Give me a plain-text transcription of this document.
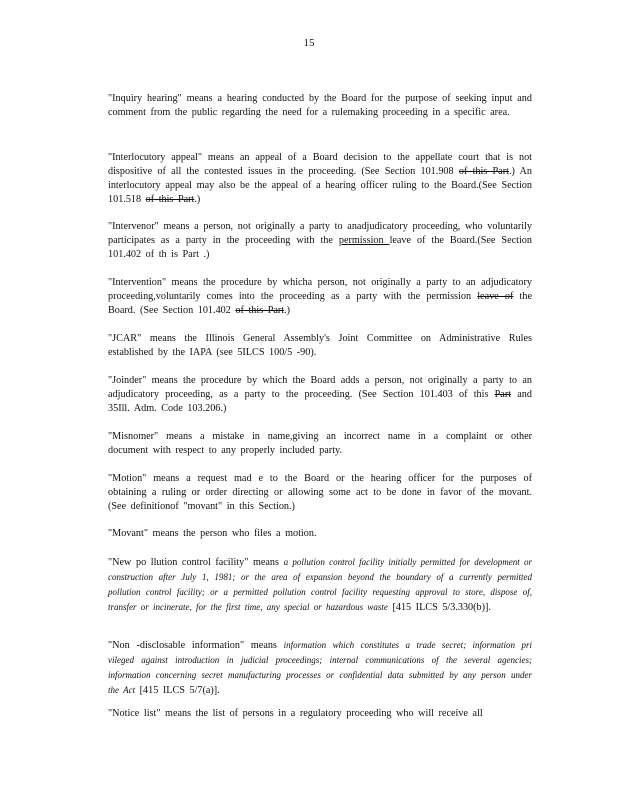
15

"Inquiry hearing" means a hearing conducted by the Board for the purpose of seeking input and comment from the public regarding the need for a rulemaking proceeding in a specific area.

"Interlocutory appeal" means an appeal of a Board decision to the appellate court that is not dispositive of all the contested issues in the proceeding. (See Section 101.908 of this Part.) An interlocutory appeal may also be the appeal of a hearing officer ruling to the Board.(See Section 101.518 of this Part.)

"Intervenor" means a person, not originally a party to anadjudicatory proceeding, who voluntarily participates as a party in the proceeding with the permission leave of the Board.(See Section 101.402 of th is Part .)

"Intervention" means the procedure by whicha person, not originally a party to an adjudicatory proceeding,voluntarily comes into the proceeding as a party with the permission leave of the Board. (See Section 101.402 of this Part.)

"JCAR" means the Illinois General Assembly's Joint Committee on Administrative Rules established by the IAPA (see 5ILCS 100/5 -90).

"Joinder" means the procedure by which the Board adds a person, not originally a party to an adjudicatory proceeding, as a party to the proceeding. (See Section 101.403 of this Part and 35Ill. Adm. Code 103.206.)

"Misnomer" means a mistake in name,giving an incorrect name in a complaint or other document with respect to any properly included party.

"Motion" means a request mad e to the Board or the hearing officer for the purposes of obtaining a ruling or order directing or allowing some act to be done in favor of the movant. (See definitionof "movant" in this Section.)

"Movant" means the person who files a motion.

"New po llution control facility" means a pollution control facility initially permitted for development or construction after July 1, 1981; or the area of expansion beyond the boundary of a currently permitted pollution control facility; or a permitted pollution control facility requesting approval to store, dispose of, transfer or incinerate, for the first time, any special or hazardous waste [415 ILCS 5/3.330(b)].

"Non -disclosable information" means information which constitutes a trade secret; information pri vileged against introduction in judicial proceedings; internal communications of the several agencies; information concerning secret manufacturing processes or confidential data submitted by any person under the Act [415 ILCS 5/7(a)].

"Notice list" means the list of persons in a regulatory proceeding who will receive all
